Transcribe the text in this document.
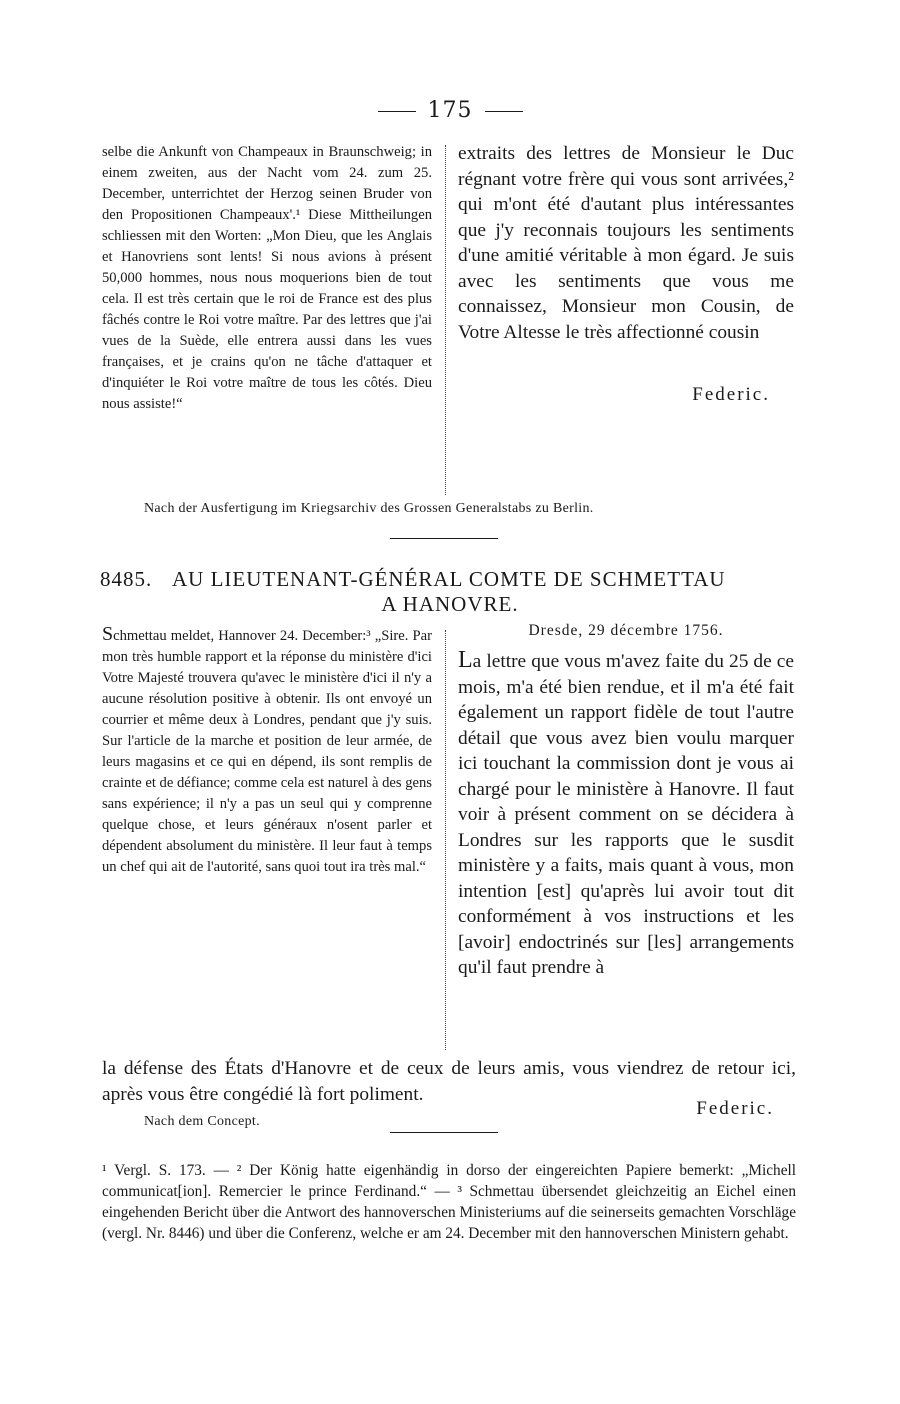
175
selbe die Ankunft von Champeaux in Braunschweig; in einem zweiten, aus der Nacht vom 24. zum 25. December, unterrichtet der Herzog seinen Bruder von den Propositionen Champeaux'.¹ Diese Mittheilungen schliessen mit den Worten: „Mon Dieu, que les Anglais et Hanovriens sont lents! Si nous avions à présent 50,000 hommes, nous nous moquerions bien de tout cela. Il est très certain que le roi de France est des plus fâchés contre le Roi votre maître. Par des lettres que j'ai vues de la Suède, elle entrera aussi dans les vues françaises, et je crains qu'on ne tâche d'attaquer et d'inquiéter le Roi votre maître de tous les côtés. Dieu nous assiste!“
extraits des lettres de Monsieur le Duc régnant votre frère qui vous sont arrivées,² qui m'ont été d'autant plus intéressantes que j'y reconnais toujours les sentiments d'une amitié véritable à mon égard. Je suis avec les sentiments que vous me connaissez, Monsieur mon Cousin, de Votre Altesse le très affectionné cousin
Federic.
Nach der Ausfertigung im Kriegsarchiv des Grossen Generalstabs zu Berlin.
8485. AU LIEUTENANT-GÉNÉRAL COMTE DE SCHMETTAU
A HANOVRE.
Schmettau meldet, Hannover 24. December:³ „Sire. Par mon très humble rapport et la réponse du ministère d'ici Votre Majesté trouvera qu'avec le ministère d'ici il n'y a aucune résolution positive à obtenir. Ils ont envoyé un courrier et même deux à Londres, pendant que j'y suis. Sur l'article de la marche et position de leur armée, de leurs magasins et ce qui en dépend, ils sont remplis de crainte et de défiance; comme cela est naturel à des gens sans expérience; il n'y a pas un seul qui y comprenne quelque chose, et leurs généraux n'osent parler et dépendent absolument du ministère. Il leur faut à temps un chef qui ait de l'autorité, sans quoi tout ira très mal.“
Dresde, 29 décembre 1756.
La lettre que vous m'avez faite du 25 de ce mois, m'a été bien rendue, et il m'a été fait également un rapport fidèle de tout l'autre détail que vous avez bien voulu marquer ici touchant la commission dont je vous ai chargé pour le ministère à Hanovre. Il faut voir à présent comment on se décidera à Londres sur les rapports que le susdit ministère y a faits, mais quant à vous, mon intention [est] qu'après lui avoir tout dit conformément à vos instructions et les [avoir] endoctrinés sur [les] arrangements qu'il faut prendre à
la défense des États d'Hanovre et de ceux de leurs amis, vous viendrez de retour ici, après vous être congédié là fort poliment.
Federic.
Nach dem Concept.
¹ Vergl. S. 173. — ² Der König hatte eigenhändig in dorso der eingereichten Papiere bemerkt: „Michell communicat[ion]. Remercier le prince Ferdinand.“ — ³ Schmettau übersendet gleichzeitig an Eichel einen eingehenden Bericht über die Antwort des hannoverschen Ministeriums auf die seinerseits gemachten Vorschläge (vergl. Nr. 8446) und über die Conferenz, welche er am 24. December mit den hannoverschen Ministern gehabt.
